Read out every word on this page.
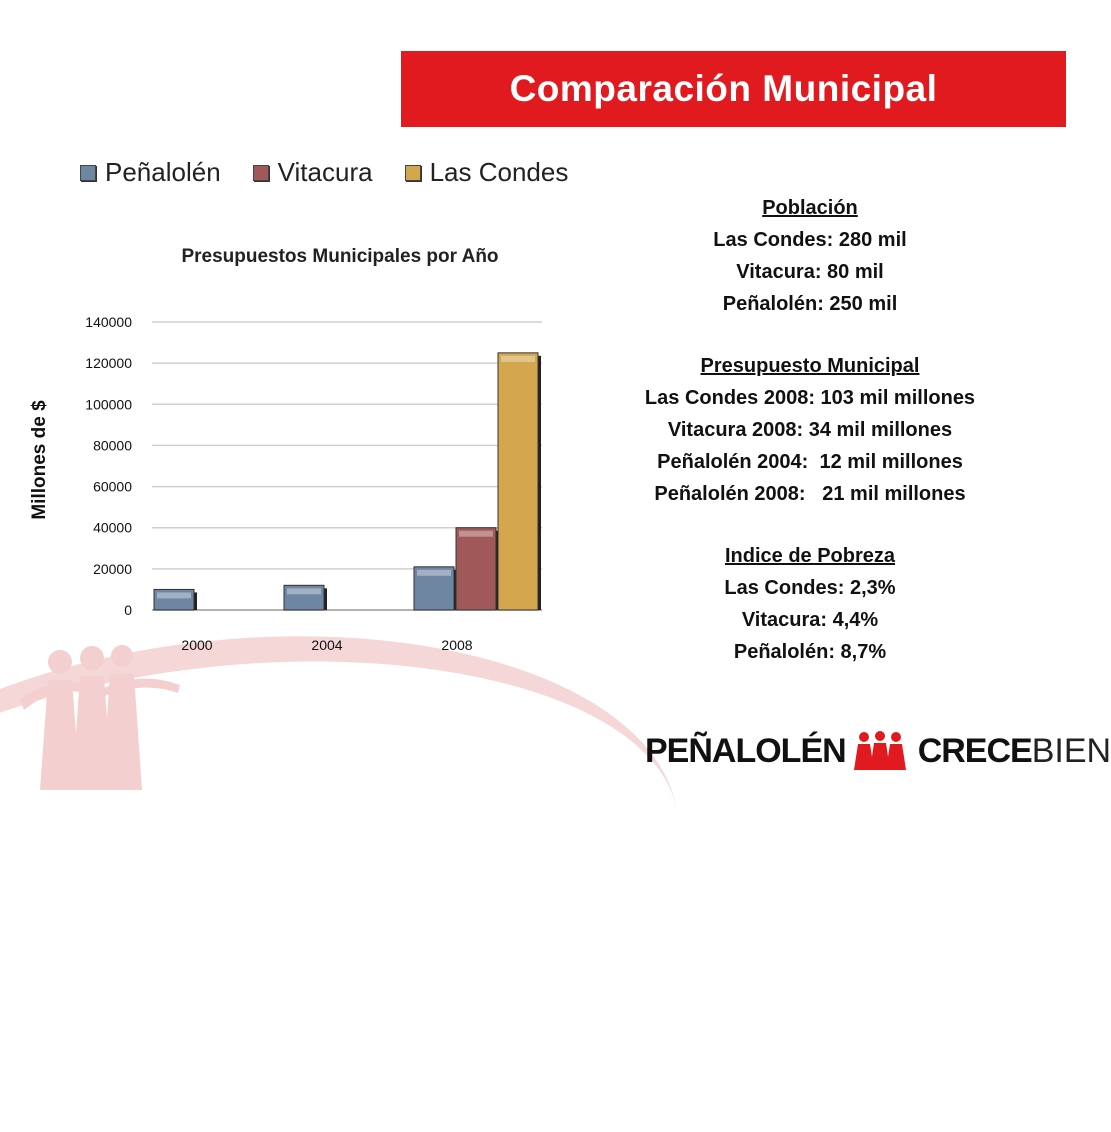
Comparación Municipal
Peñalolén Vitacura Las Condes
Presupuestos Municipales por Año
Millones de $
0
20000
40000
60000
80000
100000
120000
140000
2000	2004	2008
Población
Las Condes: 280 mil
Vitacura: 80 mil
Peñalolén: 250 mil
Presupuesto Municipal
Las Condes 2008: 103 mil millones
Vitacura 2008: 34 mil millones
Peñalolén 2004:  12 mil millones
Peñalolén 2008:   21 mil millones
Indice de Pobreza
Las Condes: 2,3%
Vitacura: 4,4%
Peñalolén: 8,7%
PEÑALOLÉN CRECE BIEN
